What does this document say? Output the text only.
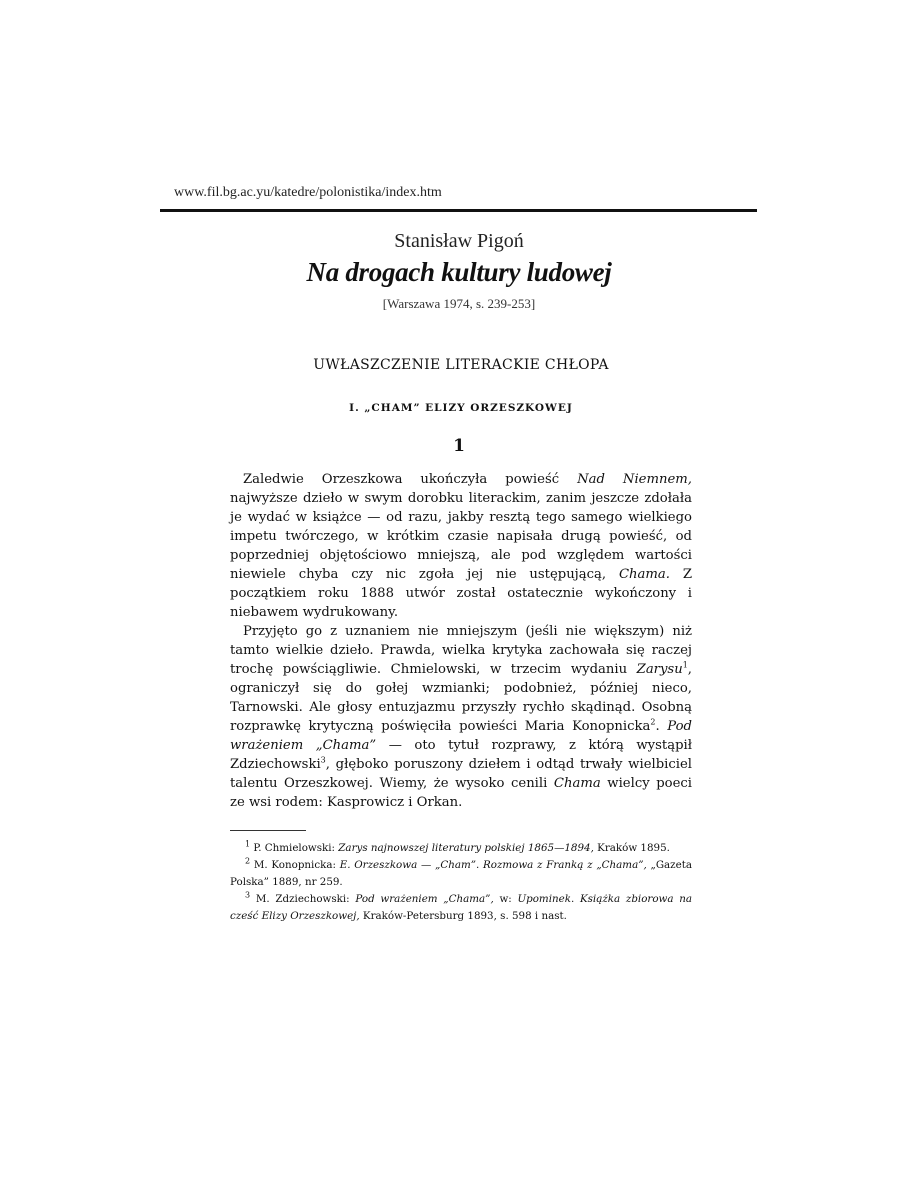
www.fil.bg.ac.yu/katedre/polonistika/index.htm
Stanisław Pigoń
Na drogach kultury ludowej
[Warszawa 1974, s. 239-253]
UWŁASZCZENIE LITERACKIE CHŁOPA
I. „CHAM” ELIZY ORZESZKOWEJ
1

Zaledwie Orzeszkowa ukończyła powieść Nad Niemnem, najwyższe dzieło w swym dorobku literackim, zanim jeszcze zdołała je wydać w książce — od razu, jakby resztą tego samego wielkiego impetu twórczego, w krótkim czasie napisała drugą powieść, od poprzedniej objętościowo mniejszą, ale pod względem wartości niewiele chyba czy nic zgoła jej nie ustępującą, Chama. Z początkiem roku 1888 utwór został ostatecznie wykończony i niebawem wydrukowany.

Przyjęto go z uznaniem nie mniejszym (jeśli nie większym) niż tamto wielkie dzieło. Prawda, wielka krytyka zachowała się raczej trochę powściągliwie. Chmielowski, w trzecim wydaniu Zarysu$^1$, ograniczył się do gołej wzmianki; podobnież, później nieco, Tarnowski. Ale głosy entuzjazmu przyszły rychło skądinąd. Osobną rozprawkę krytyczną poświęciła powieści Maria Konopnicka$^2$. Pod wrażeniem „Chama” — oto tytuł rozprawy, z którą wystąpił Zdziechowski$^3$, głęboko poruszony dziełem i odtąd trwały wielbiciel talentu Orzeszkowej. Wiemy, że wysoko cenili Chama wielcy poeci ze wsi rodem: Kasprowicz i Orkan.

$^1$ P. Chmielowski: Zarys najnowszej literatury polskiej 1865—1894, Kraków 1895.

$^2$ M. Konopnicka: E. Orzeszkowa — „Cham”. Rozmowa z Franką z „Chama”, „Gazeta Polska” 1889, nr 259.

$^3$ M. Zdziechowski: Pod wrażeniem „Chama”, w: Upominek. Książka zbiorowa na cześć Elizy Orzeszkowej, Kraków-Petersburg 1893, s. 598 i nast.
